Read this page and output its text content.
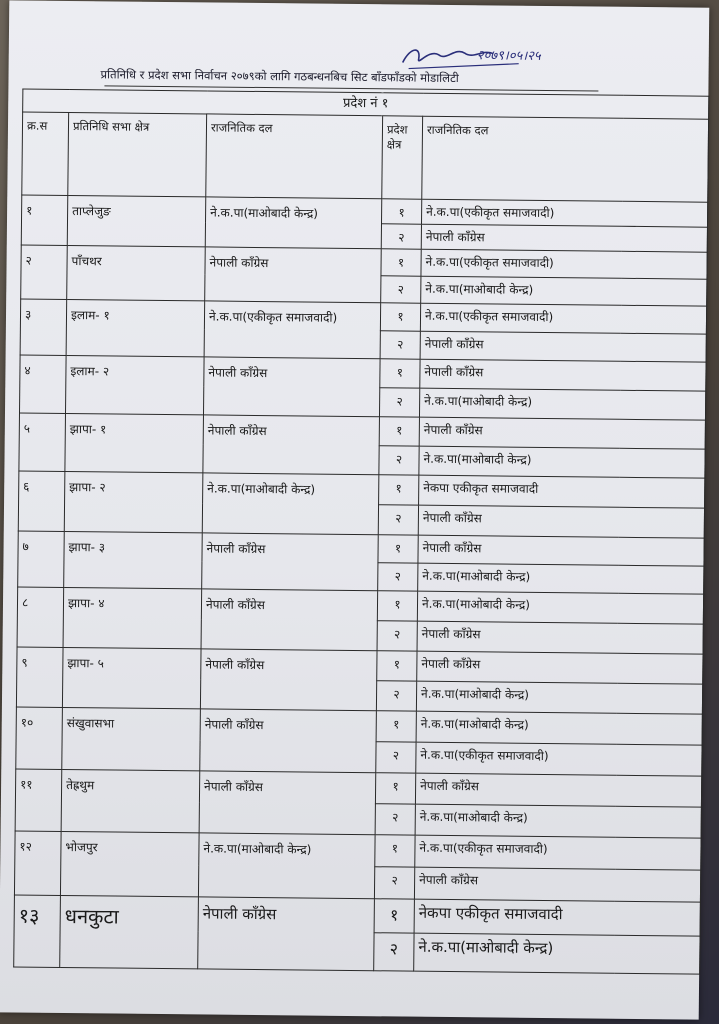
२०७९।०५।२५
प्रतिनिधि र प्रदेश सभा निर्वाचन २०७९को लागि गठबन्धनबिच सिट बाँडफाँडको मोडालिटी
प्रदेश नं १				
क्र.स	प्रतिनिधि सभा क्षेत्र	राजनितिक दल	प्रदेश क्षेत्र	राजनितिक दल
१	ताप्लेजुङ	ने.क.पा(माओबादी केन्द्र)	१	ने.क.पा(एकीकृत समाजवादी)
			२	नेपाली काँग्रेस
२	पाँचथर	नेपाली काँग्रेस	१	ने.क.पा(एकीकृत समाजवादी)
			२	ने.क.पा(माओबादी केन्द्र)
३	इलाम- १	ने.क.पा(एकीकृत समाजवादी)	१	ने.क.पा(एकीकृत समाजवादी)
			२	नेपाली काँग्रेस
४	इलाम- २	नेपाली काँग्रेस	१	नेपाली काँग्रेस
			२	ने.क.पा(माओबादी केन्द्र)
५	झापा- १	नेपाली काँग्रेस	१	नेपाली काँग्रेस
			२	ने.क.पा(माओबादी केन्द्र)
६	झापा- २	ने.क.पा(माओबादी केन्द्र)	१	नेकपा एकीकृत समाजवादी
			२	नेपाली काँग्रेस
७	झापा- ३	नेपाली काँग्रेस	१	नेपाली काँग्रेस
			२	ने.क.पा(माओबादी केन्द्र)
८	झापा- ४	नेपाली काँग्रेस	१	ने.क.पा(माओबादी केन्द्र)
			२	नेपाली काँग्रेस
९	झापा- ५	नेपाली काँग्रेस	१	नेपाली काँग्रेस
			२	ने.क.पा(माओबादी केन्द्र)
१०	संखुवासभा	नेपाली काँग्रेस	१	ने.क.पा(माओबादी केन्द्र)
			२	ने.क.पा(एकीकृत समाजवादी)
११	तेह्रथुम	नेपाली काँग्रेस	१	नेपाली काँग्रेस
			२	ने.क.पा(माओबादी केन्द्र)
१२	भोजपुर	ने.क.पा(माओबादी केन्द्र)	१	ने.क.पा(एकीकृत समाजवादी)
			२	नेपाली काँग्रेस
१३	धनकुटा	नेपाली काँग्रेस	१	नेकपा एकीकृत समाजवादी
			२	ने.क.पा(माओबादी केन्द्र)
